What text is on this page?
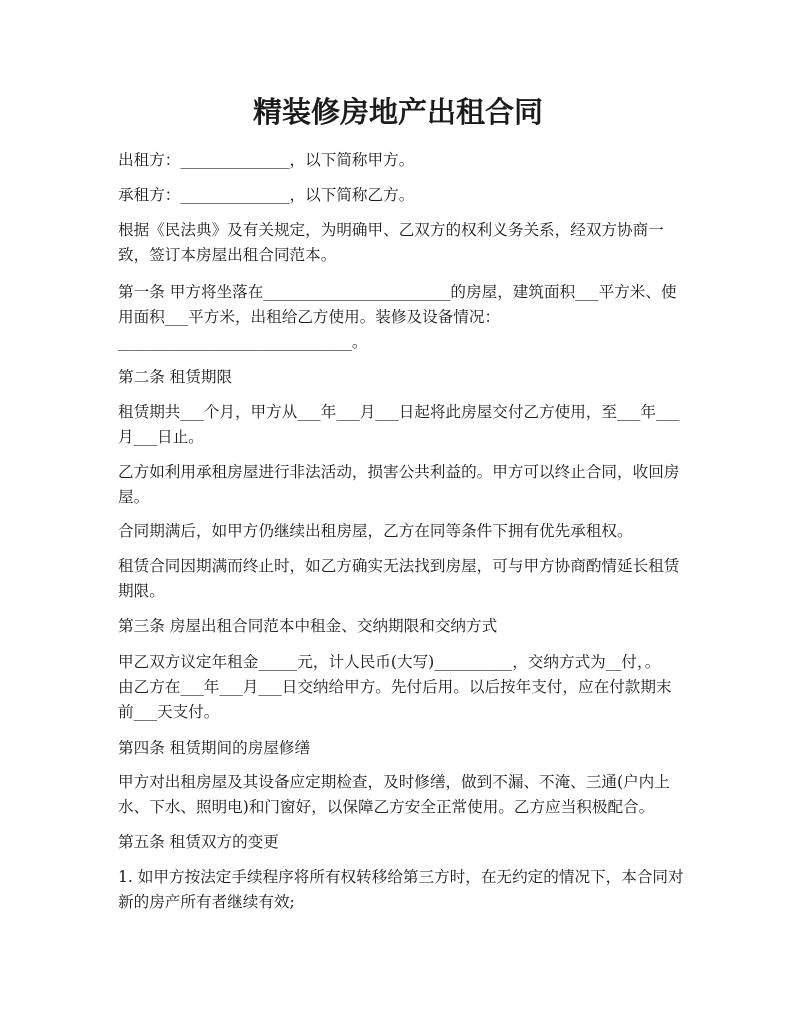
精装修房地产出租合同
出租方：______________，以下简称甲方。
承租方：______________，以下简称乙方。
根据《民法典》及有关规定，为明确甲、乙双方的权利义务关系，经双方协商一
致，签订本房屋出租合同范本。
第一条 甲方将坐落在________________________的房屋，建筑面积___平方米、使
用面积___平方米，出租给乙方使用。装修及设备情况：
______________________________。
第二条 租赁期限
租赁期共___个月，甲方从___年___月___日起将此房屋交付乙方使用，至___年___
月___日止。
乙方如利用承租房屋进行非法活动，损害公共利益的。甲方可以终止合同，收回房
屋。
合同期满后，如甲方仍继续出租房屋，乙方在同等条件下拥有优先承租权。
租赁合同因期满而终止时，如乙方确实无法找到房屋，可与甲方协商酌情延长租赁
期限。
第三条 房屋出租合同范本中租金、交纳期限和交纳方式
甲乙双方议定年租金_____元，计人民币(大写)__________，交纳方式为__付，。
由乙方在___年___月___日交纳给甲方。先付后用。以后按年支付，应在付款期末
前___天支付。
第四条 租赁期间的房屋修缮
甲方对出租房屋及其设备应定期检查，及时修缮，做到不漏、不淹、三通(户内上
水、下水、照明电)和门窗好，以保障乙方安全正常使用。乙方应当积极配合。
第五条 租赁双方的变更
1. 如甲方按法定手续程序将所有权转移给第三方时，在无约定的情况下，本合同对
新的房产所有者继续有效;
